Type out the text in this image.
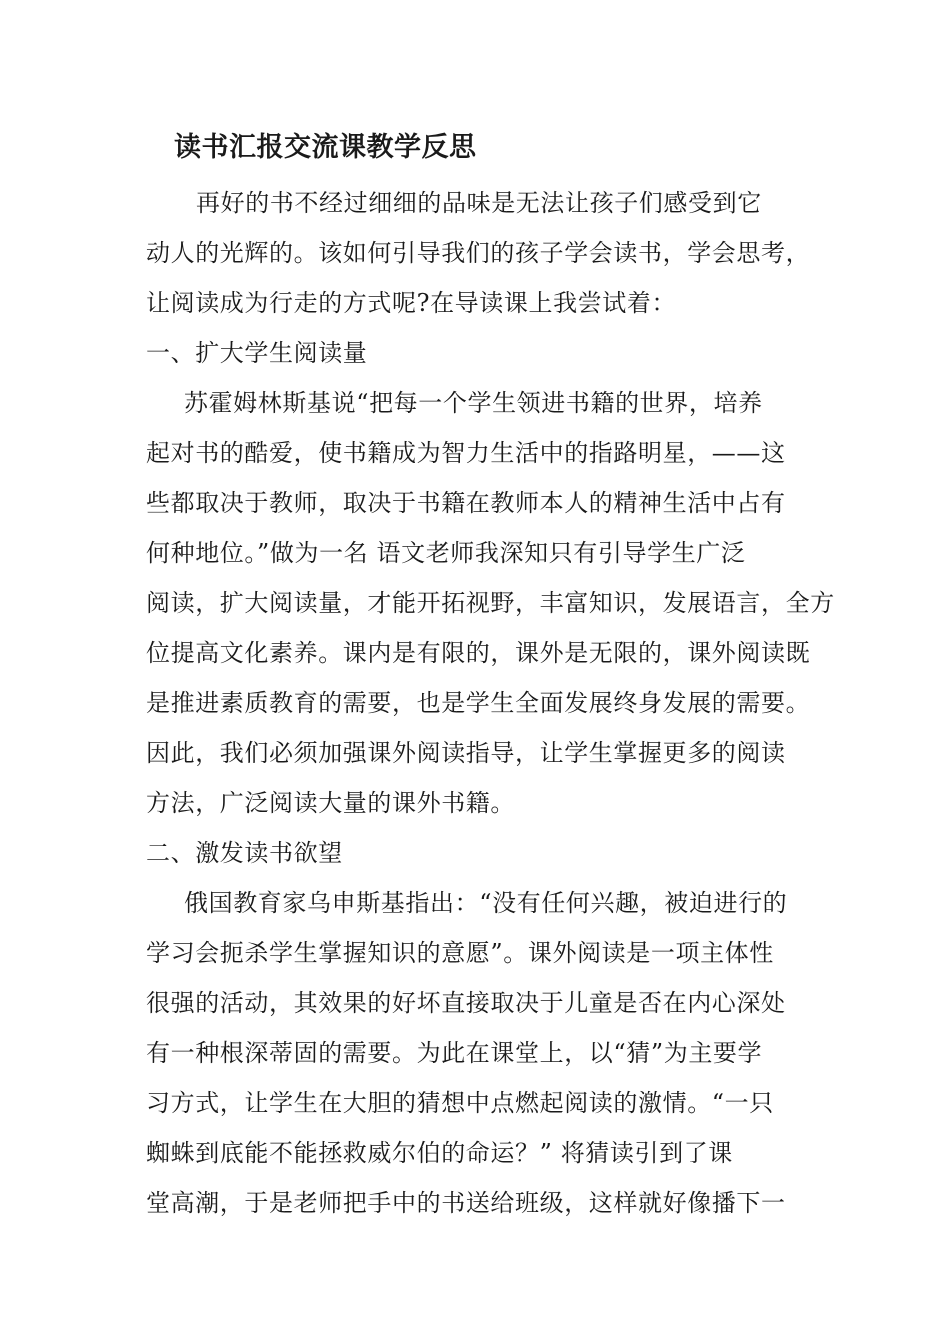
读书汇报交流课教学反思
再好的书不经过细细的品味是无法让孩子们感受到它
动人的光辉的。该如何引导我们的孩子学会读书，学会思考，
让阅读成为行走的方式呢?在导读课上我尝试着：
一、扩大学生阅读量
苏霍姆林斯基说“把每一个学生领进书籍的世界，培养
起对书的酷爱，使书籍成为智力生活中的指路明星，——这
些都取决于教师，取决于书籍在教师本人的精神生活中占有
何种地位。”做为一名 语文老师我深知只有引导学生广泛
阅读，扩大阅读量，才能开拓视野，丰富知识，发展语言，全方
位提高文化素养。课内是有限的，课外是无限的，课外阅读既
是推进素质教育的需要，也是学生全面发展终身发展的需要。
因此，我们必须加强课外阅读指导，让学生掌握更多的阅读
方法，广泛阅读大量的课外书籍。
二、激发读书欲望
俄国教育家乌申斯基指出：“没有任何兴趣，被迫进行的
学习会扼杀学生掌握知识的意愿”。课外阅读是一项主体性
很强的活动，其效果的好坏直接取决于儿童是否在内心深处
有一种根深蒂固的需要。为此在课堂上，以“猜”为主要学
习方式，让学生在大胆的猜想中点燃起阅读的激情。“一只
蜘蛛到底能不能拯救威尔伯的命运？” 将猜读引到了课
堂高潮，于是老师把手中的书送给班级，这样就好像播下一
